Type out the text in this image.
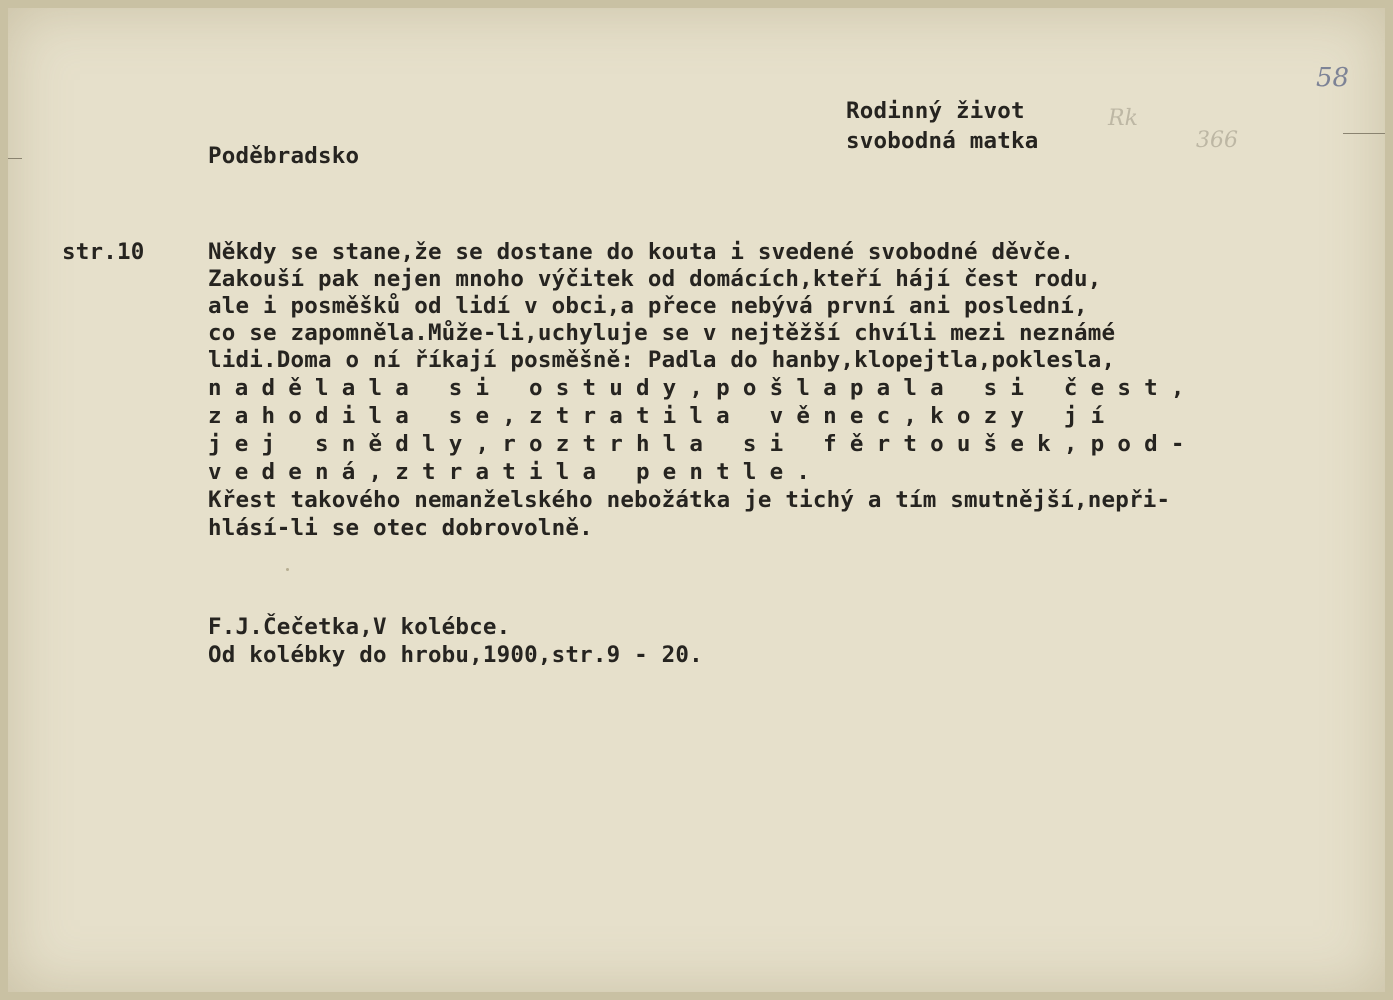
58
Rk
366
Rodinný život
svobodná matka
Poděbradsko
str.10	Někdy se stane,že se dostane do kouta i svedené svobodné děvče.
Zakouší pak nejen mnoho výčitek od domácích,kteří hájí čest rodu,
ale i posměšků od lidí v obci,a přece nebývá první ani poslední,
co se zapomněla.Může-li,uchyluje se v nejtěžší chvíli mezi neznámé
lidi.Doma o ní říkají posměšně: Padla do hanby,klopejtla,poklesla,
nadělala si ostudy,pošlapala si čest,
zahodila se,ztratila věnec,kozy jí
jej snědly,roztrhla si fěrtoušek,pod-
vedená,ztratila pentle.
Křest takového nemanželského nebožátka je tichý a tím smutnější,nepři-
hlásí-li se otec dobrovolně.
F.J.Čečetka,V kolébce.
Od kolébky do hrobu,1900,str.9 - 20.
